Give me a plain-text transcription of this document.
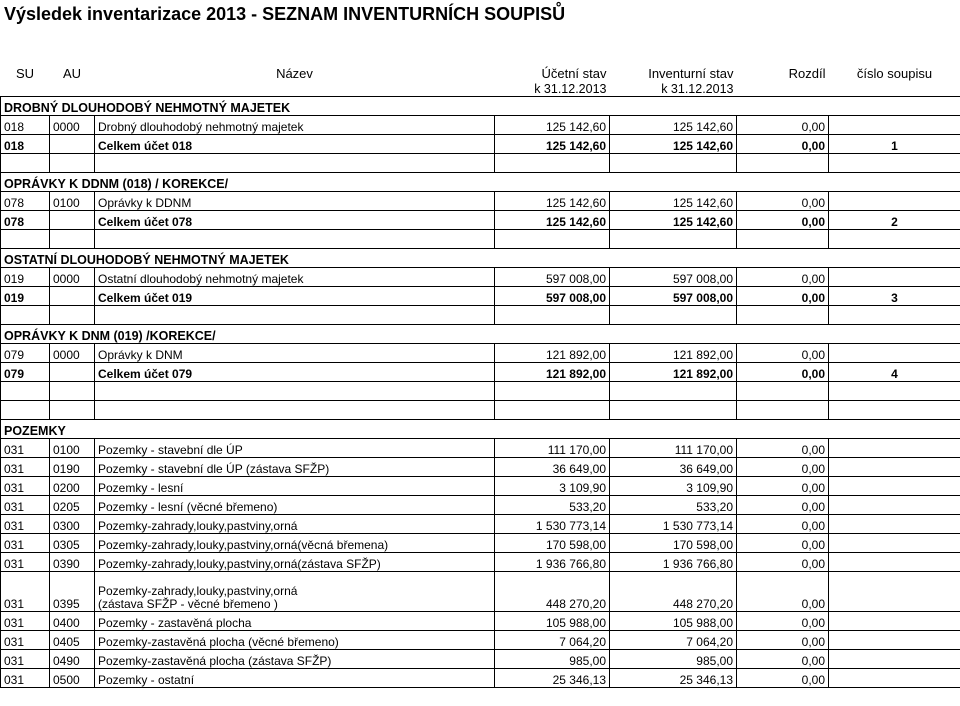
Výsledek inventarizace 2013 - SEZNAM INVENTURNÍCH SOUPISŮ
SU	AU	Název	Účetní stav	Inventurní stav	Rozdíl	číslo soupisu
			k 31.12.2013	k 31.12.2013		
DROBNÝ DLOUHODOBÝ NEHMOTNÝ MAJETEK						
018	0000	Drobný dlouhodobý nehmotný majetek	125 142,60	125 142,60	0,00	
018		Celkem účet 018	125 142,60	125 142,60	0,00	1

OPRÁVKY K DDNM (018) / KOREKCE/						
078	0100	Oprávky k DDNM	125 142,60	125 142,60	0,00	
078		Celkem účet 078	125 142,60	125 142,60	0,00	2

OSTATNÍ DLOUHODOBÝ NEHMOTNÝ MAJETEK						
019	0000	Ostatní dlouhodobý nehmotný majetek	597 008,00	597 008,00	0,00	
019		Celkem účet 019	597 008,00	597 008,00	0,00	3

OPRÁVKY K DNM (019) /KOREKCE/						
079	0000	Oprávky k DNM	121 892,00	121 892,00	0,00	
079		Celkem účet 079	121 892,00	121 892,00	0,00	4

POZEMKY						
031	0100	Pozemky - stavební dle ÚP	111 170,00	111 170,00	0,00	
031	0190	Pozemky - stavební dle ÚP (zástava SFŽP)	36 649,00	36 649,00	0,00	
031	0200	Pozemky - lesní	3 109,90	3 109,90	0,00	
031	0205	Pozemky - lesní (věcné břemeno)	533,20	533,20	0,00	
031	0300	Pozemky-zahrady,louky,pastviny,orná	1 530 773,14	1 530 773,14	0,00	
031	0305	Pozemky-zahrady,louky,pastviny,orná(věcná břemena)	170 598,00	170 598,00	0,00	
031	0390	Pozemky-zahrady,louky,pastviny,orná(zástava SFŽP)	1 936 766,80	1 936 766,80	0,00	
031	0395	Pozemky-zahrady,louky,pastviny,orná
(zástava SFŽP - věcné břemeno )	448 270,20	448 270,20	0,00	
031	0400	Pozemky - zastavěná plocha	105 988,00	105 988,00	0,00	
031	0405	Pozemky-zastavěná plocha (věcné břemeno)	7 064,20	7 064,20	0,00	
031	0490	Pozemky-zastavěná plocha (zástava SFŽP)	985,00	985,00	0,00	
031	0500	Pozemky - ostatní	25 346,13	25 346,13	0,00	
